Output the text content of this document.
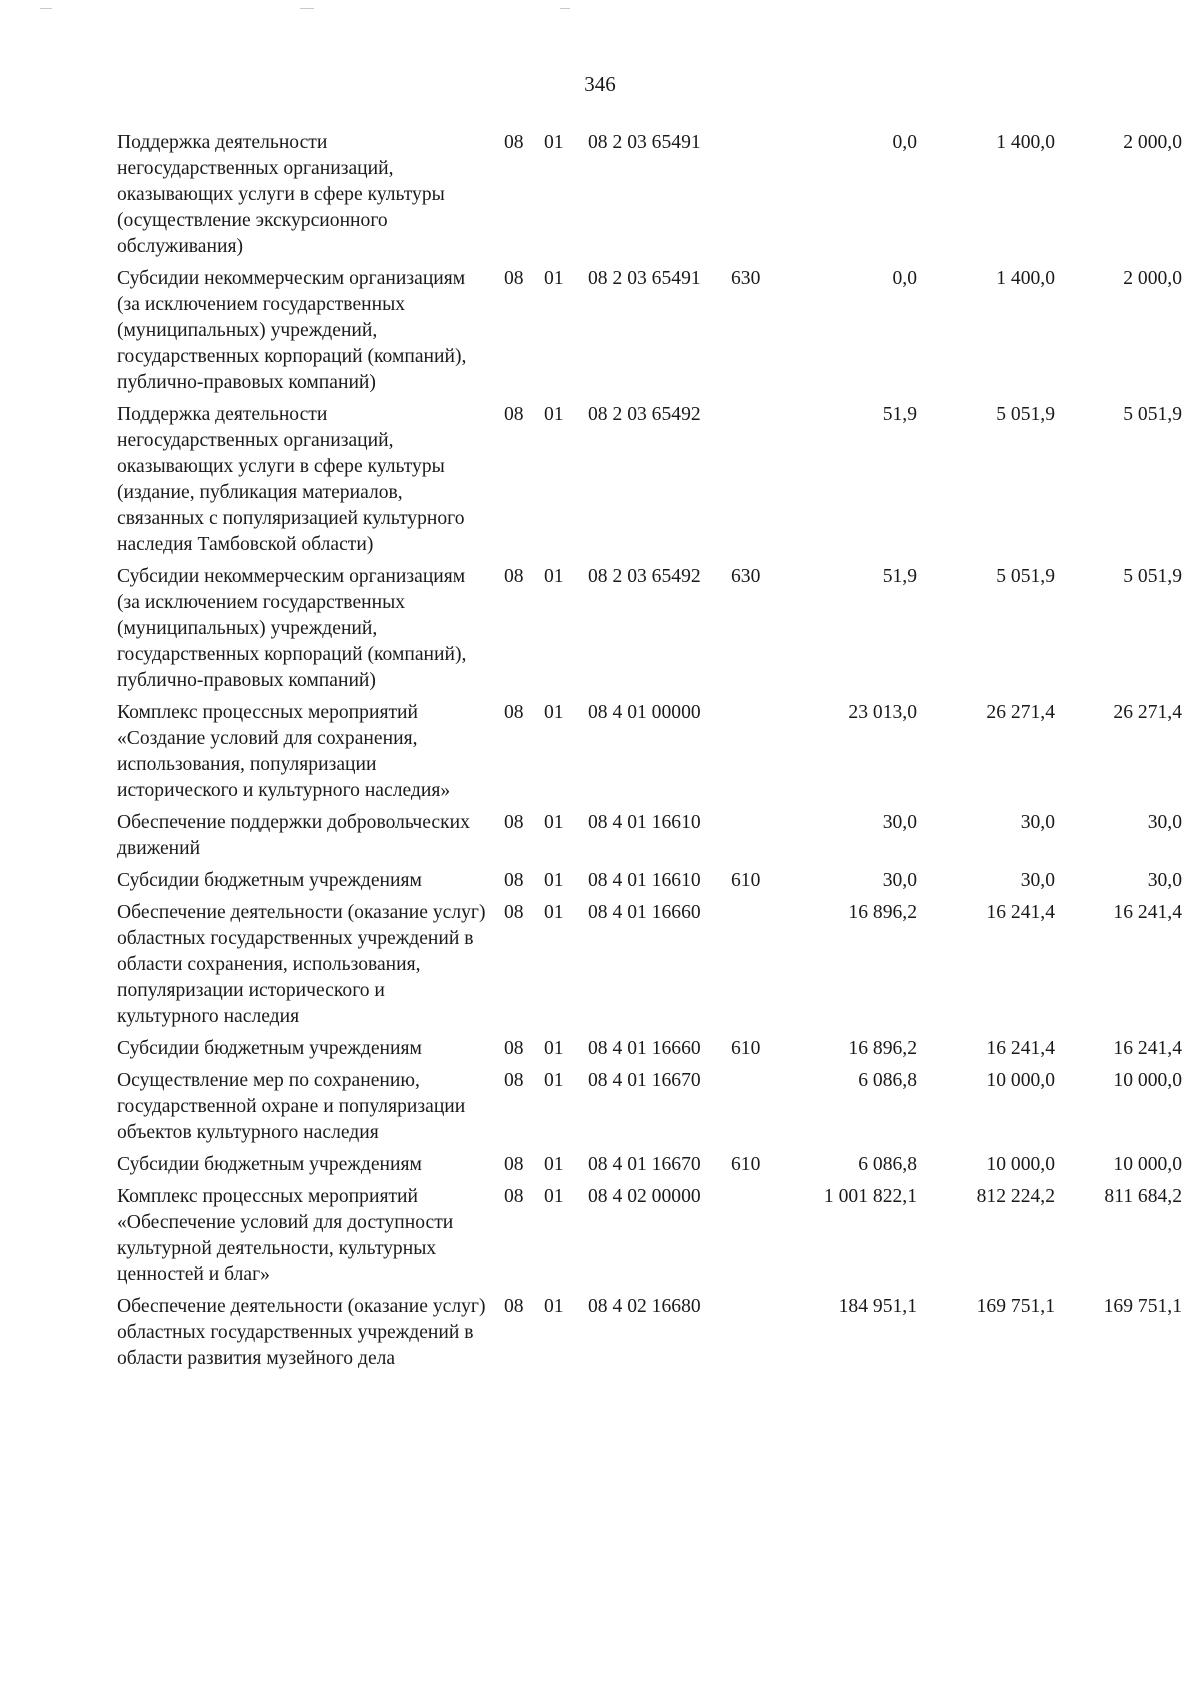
346
Поддержка деятельности негосударственных организаций, оказывающих услуги в сфере культуры (осуществление экскурсионного обслуживания)	08	01	08 2 03 65491		0,0	1 400,0	2 000,0
Субсидии некоммерческим организациям (за исключением государственных (муниципальных) учреждений, государственных корпораций (компаний), публично-правовых компаний)	08	01	08 2 03 65491	630	0,0	1 400,0	2 000,0
Поддержка деятельности негосударственных организаций, оказывающих услуги в сфере культуры (издание, публикация материалов, связанных с популяризацией культурного наследия Тамбовской области)	08	01	08 2 03 65492		51,9	5 051,9	5 051,9
Субсидии некоммерческим организациям (за исключением государственных (муниципальных) учреждений, государственных корпораций (компаний), публично-правовых компаний)	08	01	08 2 03 65492	630	51,9	5 051,9	5 051,9
Комплекс процессных мероприятий «Создание условий для сохранения, использования, популяризации исторического и культурного наследия»	08	01	08 4 01 00000		23 013,0	26 271,4	26 271,4
Обеспечение поддержки добровольческих движений	08	01	08 4 01 16610		30,0	30,0	30,0
Субсидии бюджетным учреждениям	08	01	08 4 01 16610	610	30,0	30,0	30,0
Обеспечение деятельности (оказание услуг) областных государственных учреждений в области сохранения, использования, популяризации исторического и культурного наследия	08	01	08 4 01 16660		16 896,2	16 241,4	16 241,4
Субсидии бюджетным учреждениям	08	01	08 4 01 16660	610	16 896,2	16 241,4	16 241,4
Осуществление мер по сохранению, государственной охране и популяризации объектов культурного наследия	08	01	08 4 01 16670		6 086,8	10 000,0	10 000,0
Субсидии бюджетным учреждениям	08	01	08 4 01 16670	610	6 086,8	10 000,0	10 000,0
Комплекс процессных мероприятий «Обеспечение условий для доступности культурной деятельности, культурных ценностей и благ»	08	01	08 4 02 00000		1 001 822,1	812 224,2	811 684,2
Обеспечение деятельности (оказание услуг) областных государственных учреждений в области развития музейного дела	08	01	08 4 02 16680		184 951,1	169 751,1	169 751,1
